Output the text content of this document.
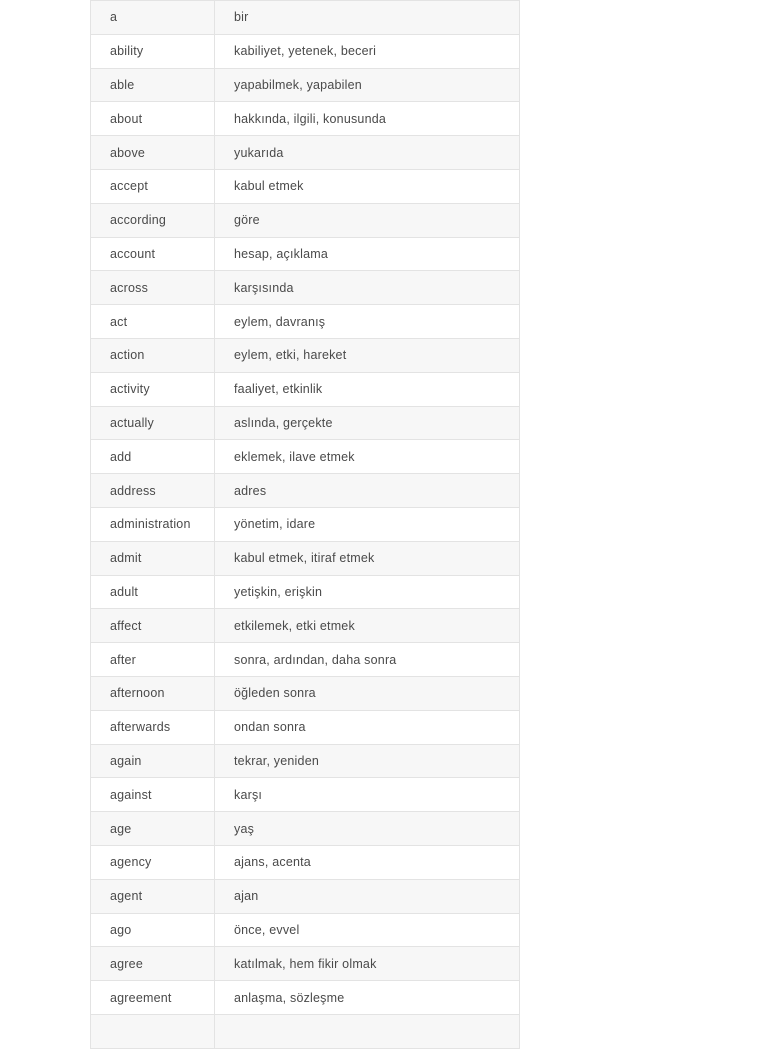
a	bir
ability	kabiliyet, yetenek, beceri
able	yapabilmek, yapabilen
about	hakkında, ilgili, konusunda
above	yukarıda
accept	kabul etmek
according	göre
account	hesap, açıklama
across	karşısında
act	eylem, davranış
action	eylem, etki, hareket
activity	faaliyet, etkinlik
actually	aslında, gerçekte
add	eklemek, ilave etmek
address	adres
administration	yönetim, idare
admit	kabul etmek, itiraf etmek
adult	yetişkin, erişkin
affect	etkilemek, etki etmek
after	sonra, ardından, daha sonra
afternoon	öğleden sonra
afterwards	ondan sonra
again	tekrar, yeniden
against	karşı
age	yaş
agency	ajans, acenta
agent	ajan
ago	önce, evvel
agree	katılmak, hem fikir olmak
agreement	anlaşma, sözleşme
